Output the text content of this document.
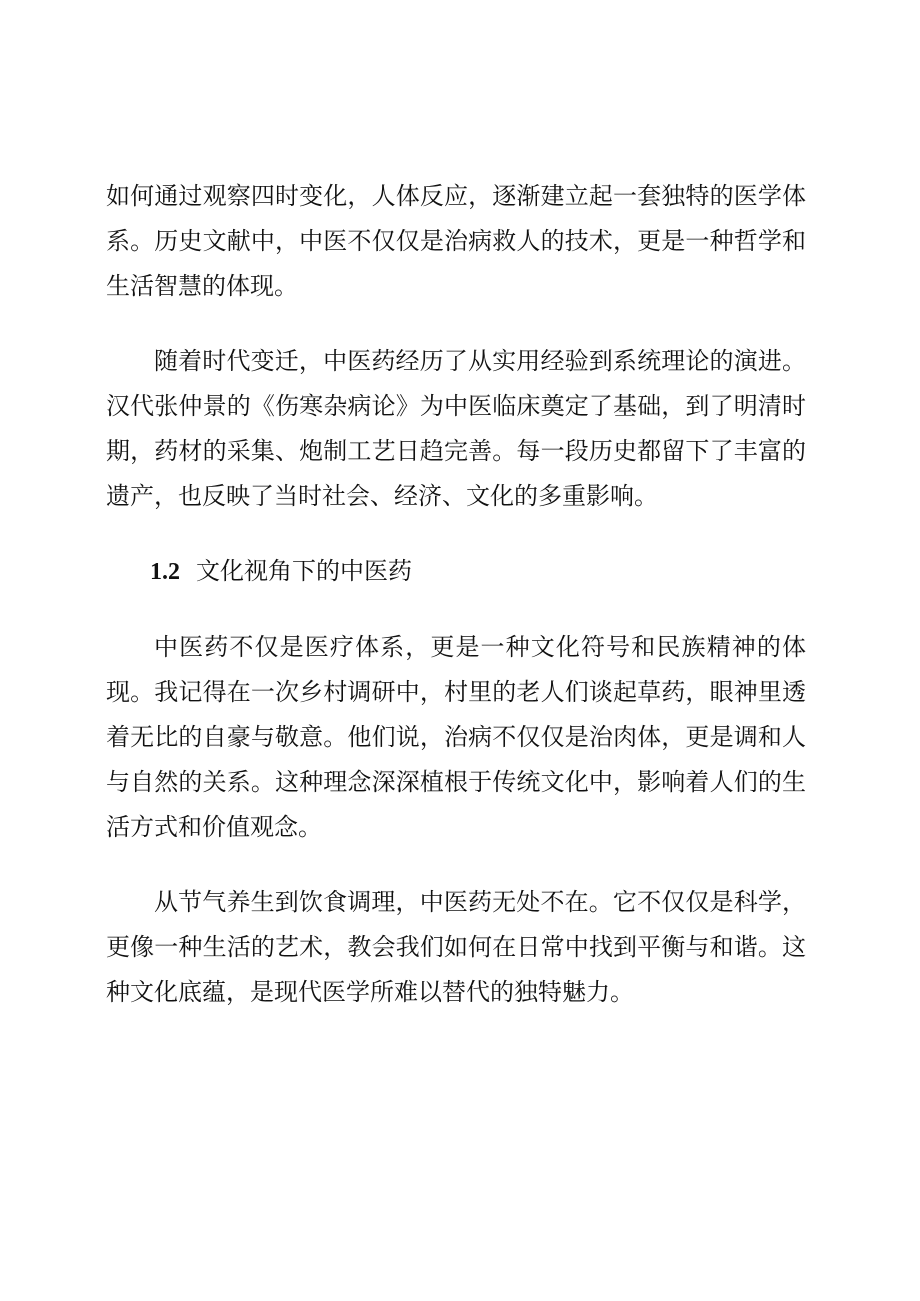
如何通过观察四时变化，人体反应，逐渐建立起一套独特的医学体系。历史文献中，中医不仅仅是治病救人的技术，更是一种哲学和生活智慧的体现。

随着时代变迁，中医药经历了从实用经验到系统理论的演进。汉代张仲景的《伤寒杂病论》为中医临床奠定了基础，到了明清时期，药材的采集、炮制工艺日趋完善。每一段历史都留下了丰富的遗产，也反映了当时社会、经济、文化的多重影响。

1.2 文化视角下的中医药

中医药不仅是医疗体系，更是一种文化符号和民族精神的体现。我记得在一次乡村调研中，村里的老人们谈起草药，眼神里透着无比的自豪与敬意。他们说，治病不仅仅是治肉体，更是调和人与自然的关系。这种理念深深植根于传统文化中，影响着人们的生活方式和价值观念。

从节气养生到饮食调理，中医药无处不在。它不仅仅是科学，更像一种生活的艺术，教会我们如何在日常中找到平衡与和谐。这种文化底蕴，是现代医学所难以替代的独特魅力。
